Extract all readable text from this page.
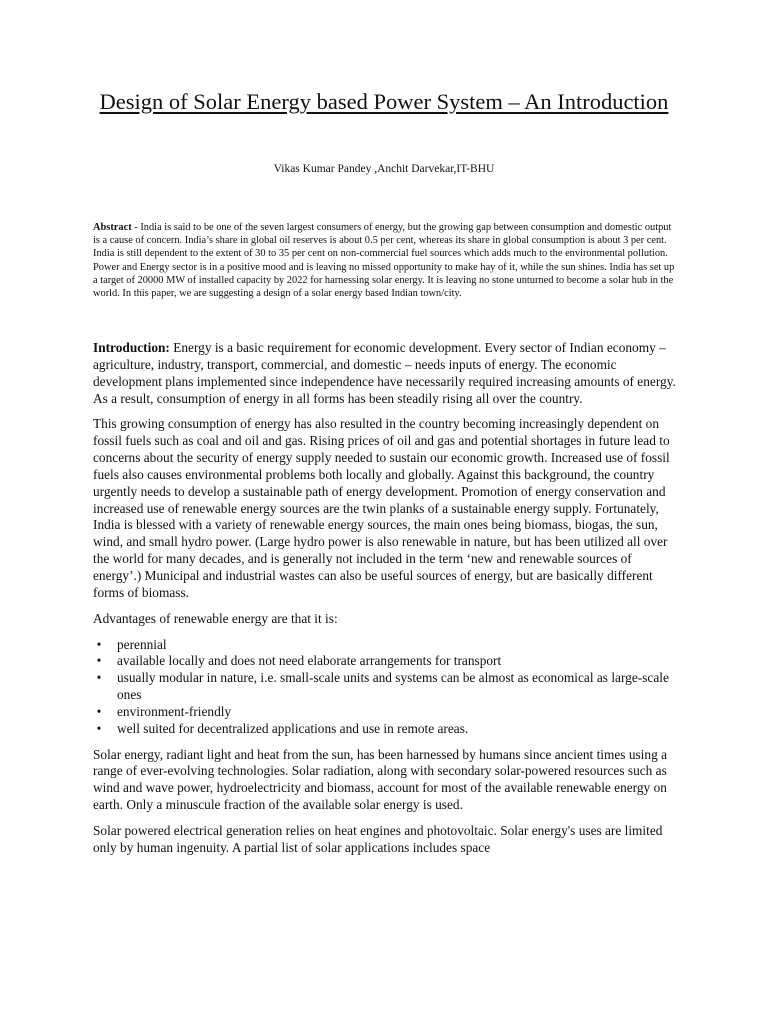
Design of Solar Energy based Power System – An Introduction
Vikas Kumar Pandey ,Anchit Darvekar,IT-BHU

Abstract - India is said to be one of the seven largest consumers of energy, but the growing gap between consumption and domestic output is a cause of concern. India’s share in global oil reserves is about 0.5 per cent, whereas its share in global consumption is about 3 per cent. India is still dependent to the extent of 30 to 35 per cent on non-commercial fuel sources which adds much to the environmental pollution. Power and Energy sector is in a positive mood and is leaving no missed opportunity to make hay of it, while the sun shines. India has set up a target of 20000 MW of installed capacity by 2022 for harnessing solar energy. It is leaving no stone unturned to become a solar hub in the world. In this paper, we are suggesting a design of a solar energy based Indian town/city.

Introduction: Energy is a basic requirement for economic development. Every sector of Indian economy – agriculture, industry, transport, commercial, and domestic – needs inputs of energy. The economic development plans implemented since independence have necessarily required increasing amounts of energy. As a result, consumption of energy in all forms has been steadily rising all over the country.

This growing consumption of energy has also resulted in the country becoming increasingly dependent on fossil fuels such as coal and oil and gas. Rising prices of oil and gas and potential shortages in future lead to concerns about the security of energy supply needed to sustain our economic growth. Increased use of fossil fuels also causes environmental problems both locally and globally. Against this background, the country urgently needs to develop a sustainable path of energy development. Promotion of energy conservation and increased use of renewable energy sources are the twin planks of a sustainable energy supply. Fortunately, India is blessed with a variety of renewable energy sources, the main ones being biomass, biogas, the sun, wind, and small hydro power. (Large hydro power is also renewable in nature, but has been utilized all over the world for many decades, and is generally not included in the term ‘new and renewable sources of energy’.) Municipal and industrial wastes can also be useful sources of energy, but are basically different forms of biomass.

Advantages of renewable energy are that it is:

• perennial
• available locally and does not need elaborate arrangements for transport
• usually modular in nature, i.e. small-scale units and systems can be almost as economical as large-scale ones
• environment-friendly
• well suited for decentralized applications and use in remote areas.

Solar energy, radiant light and heat from the sun, has been harnessed by humans since ancient times using a range of ever-evolving technologies. Solar radiation, along with secondary solar-powered resources such as wind and wave power, hydroelectricity and biomass, account for most of the available renewable energy on earth. Only a minuscule fraction of the available solar energy is used.

Solar powered electrical generation relies on heat engines and photovoltaic. Solar energy's uses are limited only by human ingenuity. A partial list of solar applications includes space
